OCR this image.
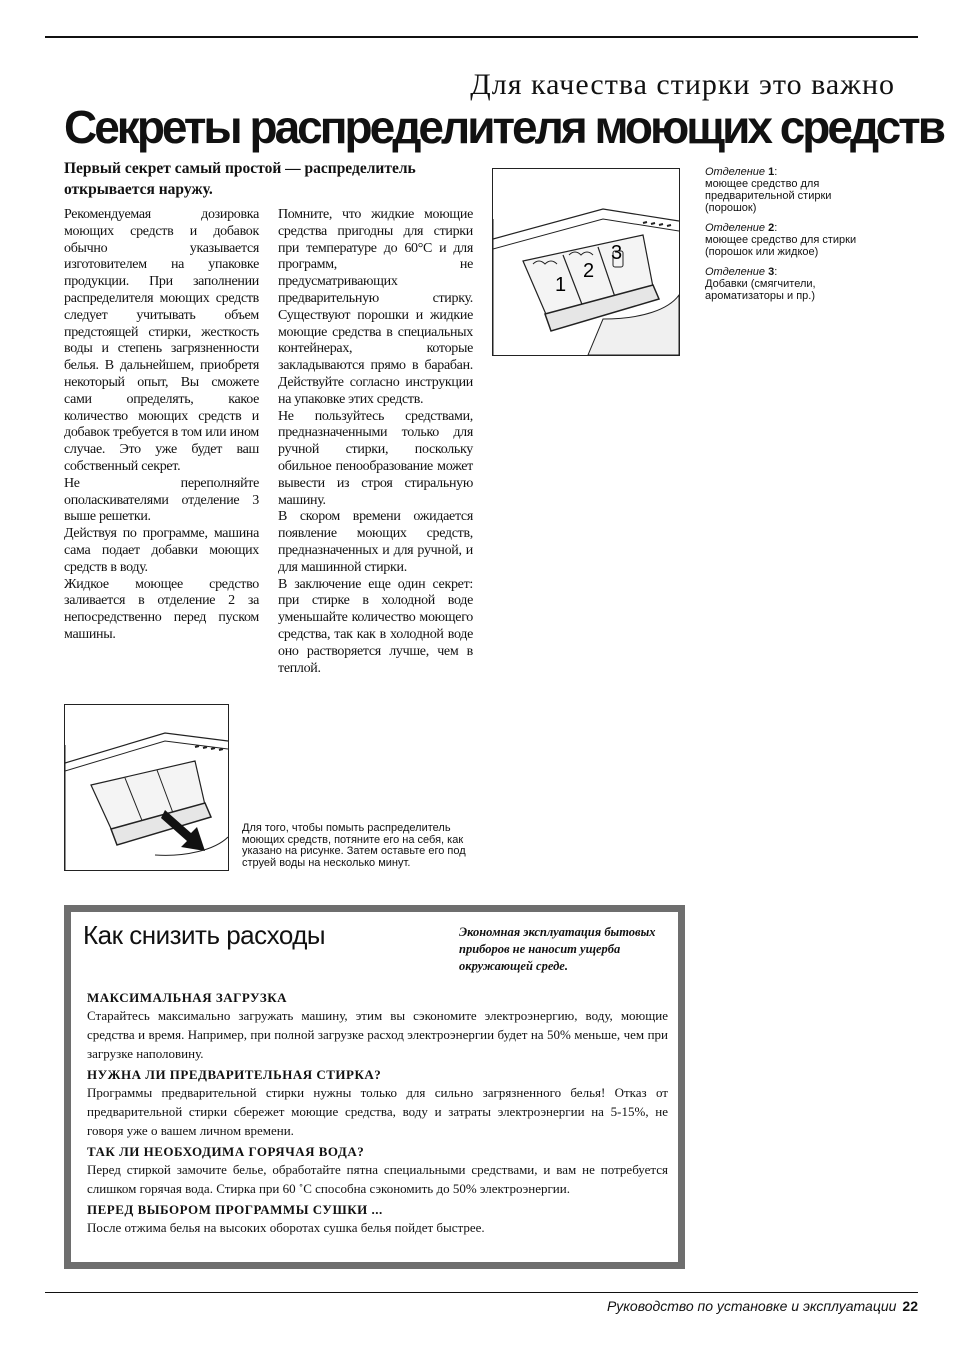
Для качества стирки это важно
Секреты распределителя моющих средств
Первый секрет самый простой — распределитель открывается наружу.

Рекомендуемая дозировка моющих средств и добавок обычно указывается изготовителем на упаковке продукции. При заполнении распределителя моющих средств следует учитывать объем предстоящей стирки, жесткость воды и степень загрязненности белья. В дальнейшем, приобретя некоторый опыт, Вы сможете сами определять, какое количество моющих средств и добавок требуется в том или ином случае. Это уже будет ваш собственный секрет.

Не переполняйте ополаскивателями отделение 3 выше решетки.

Действуя по программе, машина сама подает добавки моющих средств в воду.

Жидкое моющее средство заливается в отделение 2 за непосредственно перед пуском машины.

Помните, что жидкие моющие средства пригодны для стирки при температуре до 60°С и для программ, не предусматривающих предварительную стирку. Существуют порошки и жидкие моющие средства в специальных контейнерах, которые закладываются прямо в барабан. Действуйте согласно инструкции на упаковке этих средств.

Не пользуйтесь средствами, предназначенными только для ручной стирки, поскольку обильное пенообразование может вывести из строя стиральную машину.

В скором времени ожидается появление моющих средств, предназначенных и для ручной, и для машинной стирки.

В заключение еще один секрет: при стирке в холодной воде уменьшайте количество моющего средства, так как в холодной воде оно растворяется лучше, чем в теплой.

1
2
3

Отделение 1:
моющее средство для предварительной стирки (порошок)

Отделение 2:
моющее средство для стирки (порошок или жидкое)

Отделение 3:
Добавки (смягчители, ароматизаторы и пр.)

Для того, чтобы помыть распределитель моющих средств, потяните его на себя, как указано на рисунке. Затем оставьте его под струей воды на несколько минут.
Как снизить расходы	Экономная эксплуатация бытовых приборов не наносит ущерба окружающей среде.
МАКСИМАЛЬНАЯ ЗАГРУЗКА

Старайтесь максимально загружать машину, этим вы сэкономите электроэнергию, воду, моющие средства и время. Например, при полной загрузке расход электроэнергии будет на 50% меньше, чем при загрузке наполовину.

НУЖНА ЛИ ПРЕДВАРИТЕЛЬНАЯ СТИРКА?

Программы предварительной стирки нужны только для сильно загрязненного белья! Отказ от предварительной стирки сбережет моющие средства, воду и затраты электроэнергии на 5-15%, не говоря уже о вашем личном времени.

ТАК ЛИ НЕОБХОДИМА ГОРЯЧАЯ ВОДА?

Перед стиркой замочите белье, обработайте пятна специальными средствами, и вам не потребуется слишком горячая вода. Стирка при 60 ˚С способна сэкономить до 50% электроэнергии.

ПЕРЕД ВЫБОРОМ ПРОГРАММЫ СУШКИ ...

После отжима белья на высоких оборотах сушка белья пойдет быстрее.

Руководство по установке и эксплуатации 22
